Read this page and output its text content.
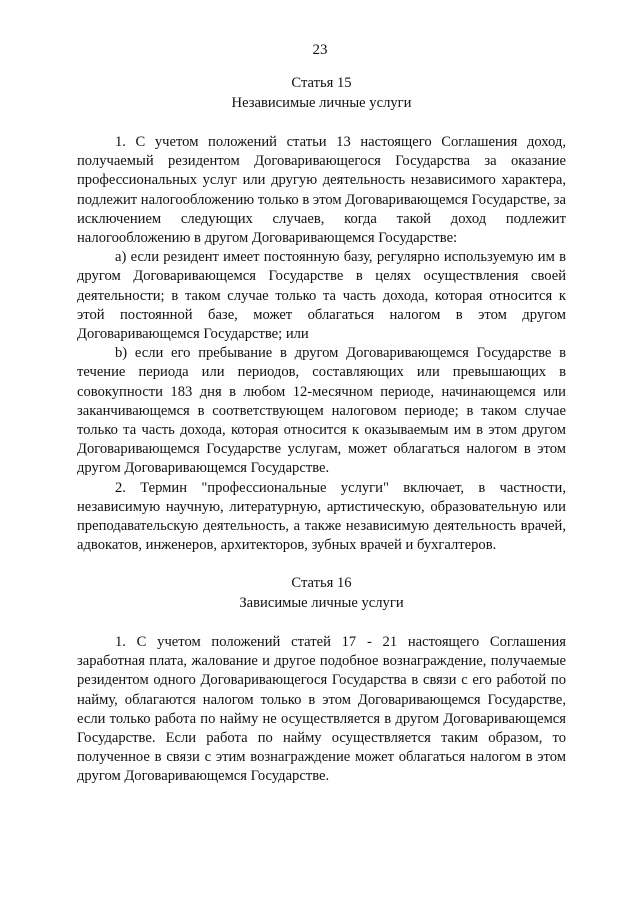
23

Статья 15

Независимые личные услуги

1. С учетом положений статьи 13 настоящего Соглашения доход, получаемый резидентом Договаривающегося Государства за оказание профессиональных услуг или другую деятельность независимого характера, подлежит налогообложению только в этом Договаривающемся Государстве, за исключением следующих случаев, когда такой доход подлежит налогообложению в другом Договаривающемся Государстве:

а) если резидент имеет постоянную базу, регулярно используемую им в другом Договаривающемся Государстве в целях осуществления своей деятельности; в таком случае только та часть дохода, которая относится к этой постоянной базе, может облагаться налогом в этом другом Договаривающемся Государстве; или

b) если его пребывание в другом Договаривающемся Государстве в течение периода или периодов, составляющих или превышающих в совокупности 183 дня в любом 12-месячном периоде, начинающемся или заканчивающемся в соответствующем налоговом периоде; в таком случае только та часть дохода, которая относится к оказываемым им в этом другом Договаривающемся Государстве услугам, может облагаться налогом в этом другом Договаривающемся Государстве.

2. Термин "профессиональные услуги" включает, в частности, независимую научную, литературную, артистическую, образовательную или преподавательскую деятельность, а также независимую деятельность врачей, адвокатов, инженеров, архитекторов, зубных врачей и бухгалтеров.

Статья 16

Зависимые личные услуги

1. С учетом положений статей 17 - 21 настоящего Соглашения заработная плата, жалование и другое подобное вознаграждение, получаемые резидентом одного Договаривающегося Государства в связи с его работой по найму, облагаются налогом только в этом Договаривающемся Государстве, если только работа по найму не осуществляется в другом Договаривающемся Государстве. Если работа по найму осуществляется таким образом, то полученное в связи с этим вознаграждение может облагаться налогом в этом другом Договаривающемся Государстве.
